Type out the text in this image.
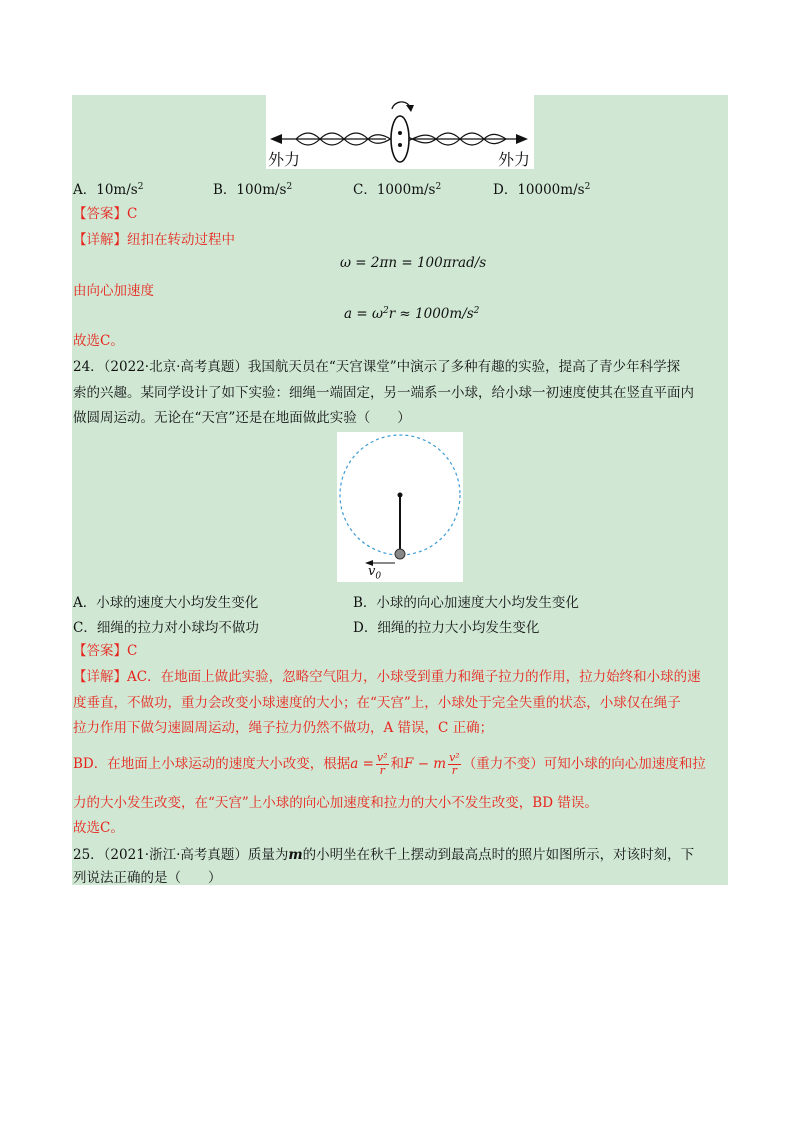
外力	外力
A．$10m/s^2$	B．$100m/s^2$	C．$1000m/s^2$	D．$10000m/s^2$
【答案】C
【详解】纽扣在转动过程中
ω = 2πn = 100πrad/s
由向心加速度
$a = \omega^2r \approx 1000m/s^2$
故选C。
24．（2022·北京·高考真题）我国航天员在“天宫课堂”中演示了多种有趣的实验，提高了青少年科学探
索的兴趣。某同学设计了如下实验：细绳一端固定，另一端系一小球，给小球一初速度使其在竖直平面内
做圆周运动。无论在“天宫”还是在地面做此实验（　　）
$v_0$
A．小球的速度大小均发生变化	B．小球的向心加速度大小均发生变化
C．细绳的拉力对小球均不做功	D．细绳的拉力大小均发生变化
【答案】C
【详解】AC．在地面上做此实验，忽略空气阻力，小球受到重力和绳子拉力的作用，拉力始终和小球的速
度垂直，不做功，重力会改变小球速度的大小；在“天宫”上，小球处于完全失重的状态，小球仅在绳子
拉力作用下做匀速圆周运动，绳子拉力仍然不做功，A 错误，C 正确；
BD．在地面上小球运动的速度大小改变，根据$a = \frac{\text{v²}}{r}$ 和F − m $\frac{\text{v²}}{r}$ （重力不变）可知小球的向心加速度和拉
力的大小发生改变，在“天宫”上小球的向心加速度和拉力的大小不发生改变，BD 错误。
故选C。
25．（2021·浙江·高考真题）质量为m的小明坐在秋千上摆动到最高点时的照片如图所示，对该时刻，下
列说法正确的是（　　）
